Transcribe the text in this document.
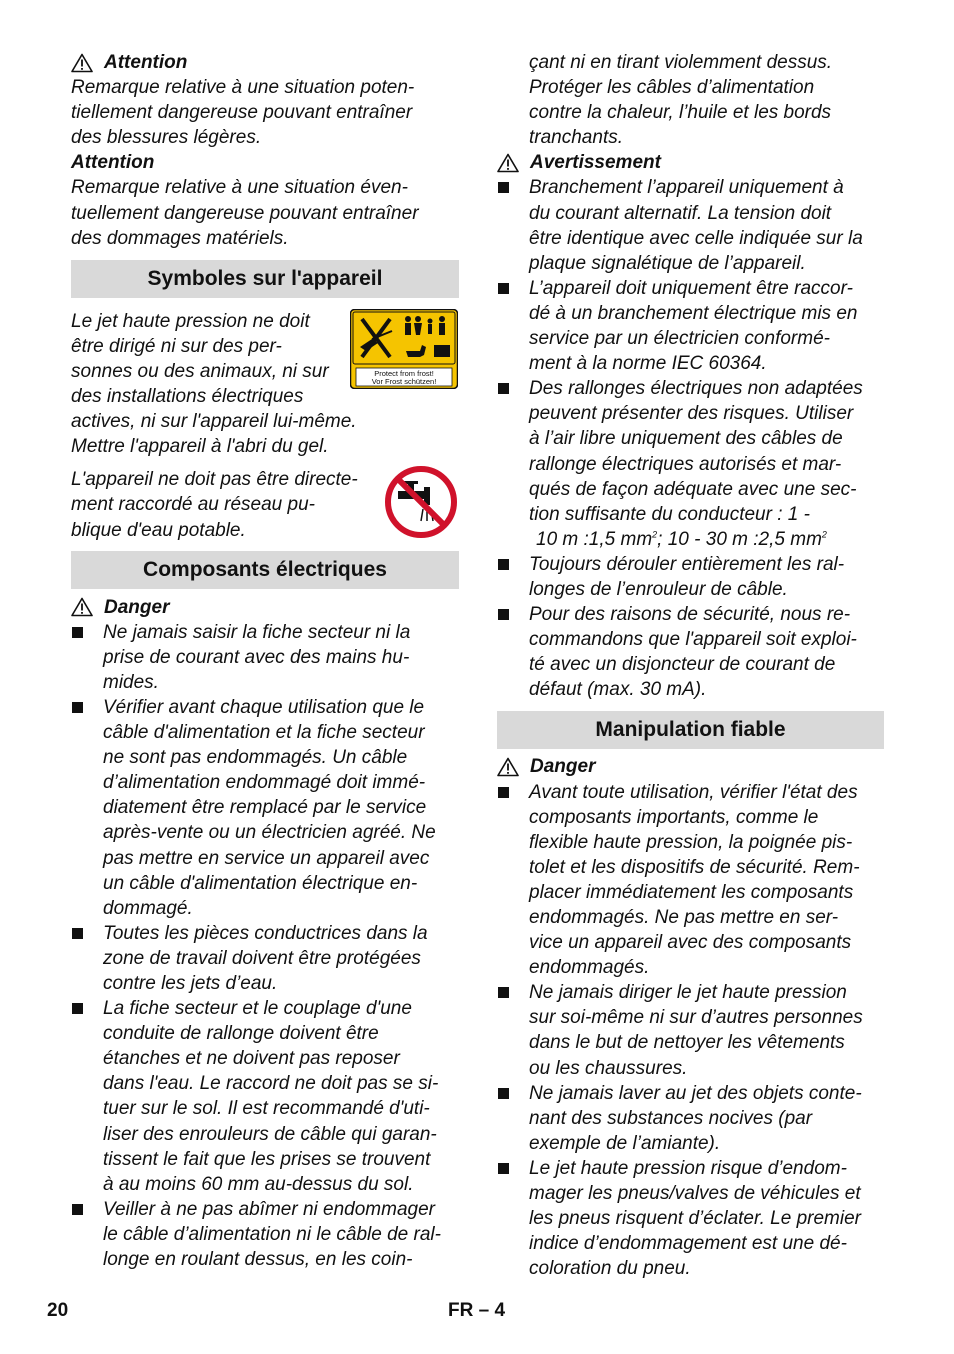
Attention
Remarque relative à une situation poten-
tiellement dangereuse pouvant entraîner
des blessures légères.
Attention
Remarque relative à une situation éven-
tuellement dangereuse pouvant entraîner
des dommages matériels.
Symboles sur l'appareil
Le jet haute pression ne doit
être dirigé ni sur des per-
sonnes ou des animaux, ni sur
des installations électriques
actives, ni sur l'appareil lui-même.
Mettre l'appareil à l'abri du gel.
Protect from frost!
Vor Frost schützen!
L'appareil ne doit pas être directe-
ment raccordé au réseau pu-
blique d'eau potable.
Composants électriques
Danger
Ne jamais saisir la fiche secteur ni la
prise de courant avec des mains hu-
mides.
Vérifier avant chaque utilisation que le
câble d'alimentation et la fiche secteur
ne sont pas endommagés. Un câble
d’alimentation endommagé doit immé-
diatement être remplacé par le service
après-vente ou un électricien agréé. Ne
pas mettre en service un appareil avec
un câble d'alimentation électrique en-
dommagé.
Toutes les pièces conductrices dans la
zone de travail doivent être protégées
contre les jets d’eau.
La fiche secteur et le couplage d'une
conduite de rallonge doivent être
étanches et ne doivent pas reposer
dans l'eau. Le raccord ne doit pas se si-
tuer sur le sol. Il est recommandé d'uti-
liser des enrouleurs de câble qui garan-
tissent le fait que les prises se trouvent
à au moins 60 mm au-dessus du sol.
Veiller à ne pas abîmer ni endommager
le câble d’alimentation ni le câble de ral-
longe en roulant dessus, en les coin-
çant ni en tirant violemment dessus.
Protéger les câbles d’alimentation
contre la chaleur, l’huile et les bords
tranchants.
Avertissement
Branchement l’appareil uniquement à
du courant alternatif. La tension doit
être identique avec celle indiquée sur la
plaque signalétique de l’appareil.
L’appareil doit uniquement être raccor-
dé à un branchement électrique mis en
service par un électricien conformé-
ment à la norme IEC 60364.
Des rallonges électriques non adaptées
peuvent présenter des risques. Utiliser
à l’air libre uniquement des câbles de
rallonge électriques autorisés et mar-
qués de façon adéquate avec une sec-
tion suffisante du conducteur : 1 -
10 m :1,5 $mm^2$; 10 - 30 m :2,5 $mm^2$
Toujours dérouler entièrement les ral-
longes de l’enrouleur de câble.
Pour des raisons de sécurité, nous re-
commandons que l'appareil soit exploi-
té avec un disjoncteur de courant de
défaut (max. 30 mA).
Manipulation fiable
Danger
Avant toute utilisation, vérifier l'état des
composants importants, comme le
flexible haute pression, la poignée pis-
tolet et les dispositifs de sécurité. Rem-
placer immédiatement les composants
endommagés. Ne pas mettre en ser-
vice un appareil avec des composants
endommagés.
Ne jamais diriger le jet haute pression
sur soi-même ni sur d’autres personnes
dans le but de nettoyer les vêtements
ou les chaussures.
Ne jamais laver au jet des objets conte-
nant des substances nocives (par
exemple de l’amiante).
Le jet haute pression risque d’endom-
mager les pneus/valves de véhicules et
les pneus risquent d’éclater. Le premier
indice d’endommagement est une dé-
coloration du pneu.
20	FR – 4
